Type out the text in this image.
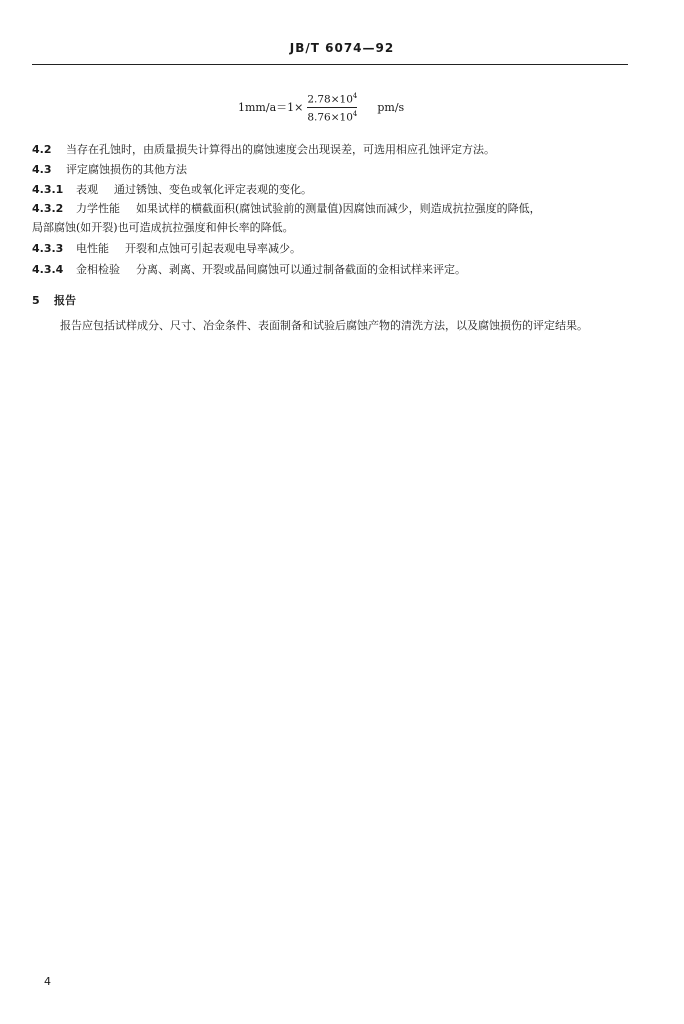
JB/T 6074—92
$1mm/a=1\times \frac{2.78\times 10^4}{8.76\times 10^4} pm/s$
4.2 当存在孔蚀时，由质量损失计算得出的腐蚀速度会出现误差，可选用相应孔蚀评定方法。
4.3 评定腐蚀损伤的其他方法
4.3.1 表观 通过锈蚀、变色或氧化评定表观的变化。
4.3.2 力学性能 如果试样的横截面积(腐蚀试验前的测量值)因腐蚀而减少，则造成抗拉强度的降低，
局部腐蚀(如开裂)也可造成抗拉强度和伸长率的降低。
4.3.3 电性能 开裂和点蚀可引起表观电导率减少。
4.3.4 金相检验 分离、剥离、开裂或晶间腐蚀可以通过制备截面的金相试样来评定。
5 报告
报告应包括试样成分、尺寸、冶金条件、表面制备和试验后腐蚀产物的清洗方法，以及腐蚀损伤的评定结果。
4
